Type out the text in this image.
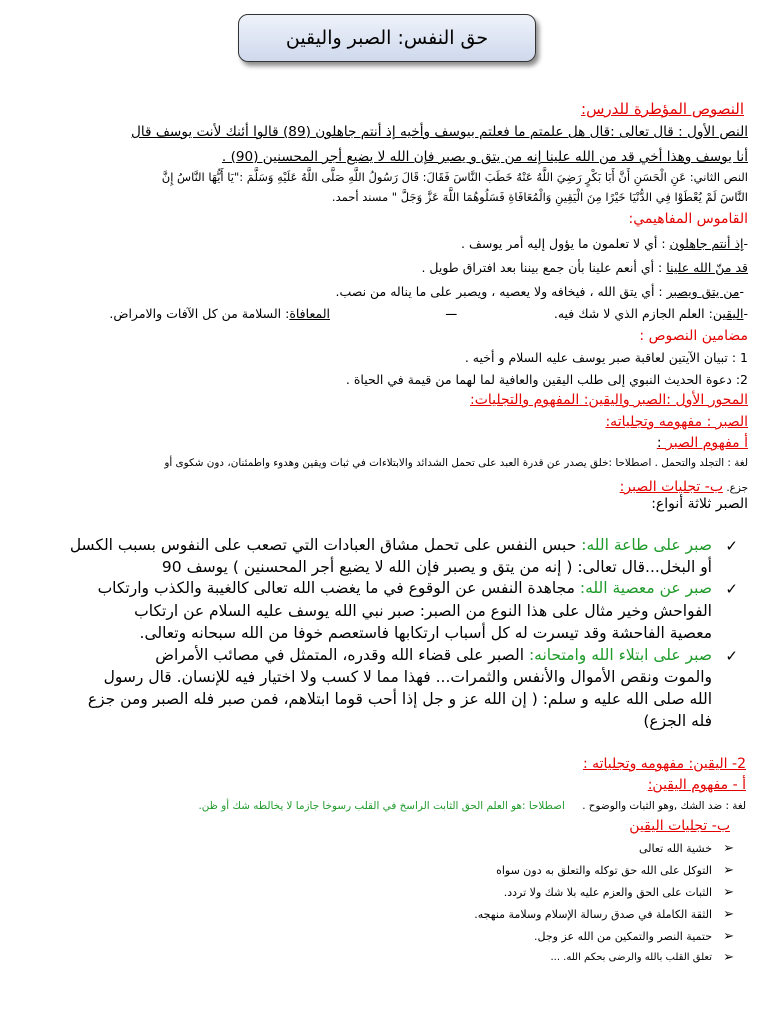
حق النفس: الصبر واليقين
النصوص المؤطرة للدرس:
النص الأول : قال تعالى :قال هل علمتم ما فعلتم بيوسف وأخيه إذ أنتم جاهلون (89) قالوا أئنك لأنت يوسف قال
أنا يوسف وهذا أخي قد من الله علينا إنه من يتق و يصبر فإن الله لا يضيع أجر المحسنين (90) .
النص الثاني: عَنِ الْحَسَنِ أَنَّ أَبَا بَكْرٍ رَضِيَ اللَّهُ عَنْهُ خَطَبَ النَّاسَ فَقَالَ: قَالَ رَسُولُ اللَّهِ صَلَّى اللَّهُ عَلَيْهِ وَسَلَّمَ :"يَا أَيُّهَا النَّاسُ إِنَّ
النَّاسَ لَمْ يُعْطَوْا فِي الدُّنْيَا خَيْرًا مِنَ الْيَقِينِ وَالْمُعَافَاةِ فَسَلُوهُمَا اللَّهَ عَزَّ وَجَلَّ " مسند أحمد.
القاموس المفاهيمي:
-إذ أنتم جاهلون : أي لا تعلمون ما يؤول إليه أمر يوسف .
قد منّ الله علينا : أي أنعم علينا بأن جمع بيننا بعد افتراق طويل .
-من يتق ويصبر : أي يتق الله ، فيخافه ولا يعصيه ، ويصبر على ما يناله من نصب.
-اليقين: العلم الجازم الذي لا شك فيه.
المعافاة: السلامة من كل الآفات والامراض.	ـــ
مضامين النصوص :
1 : تبيان الآيتين لعاقبة صبر يوسف عليه السلام و أخيه .
2: دعوة الحديث النبوي إلى طلب اليقين والعافية لما لهما من قيمة في الحياة .
المحور الأول :الصبر واليقين: المفهوم والتجليات:
الصبر : مفهومه وتجلياته:
أ مفهوم الصبر :
لغة : التجلد والتحمل . اصطلاحا :خلق يصدر عن قدرة العبد على تحمل الشدائد والابتلاءات في ثبات ويقين وهدوء واطمئنان، دون شكوى أو
جزع. ب- تجليات الصبر:
الصبر ثلاثة أنواع:
✓
صبر على طاعة الله: حبس النفس على تحمل مشاق العبادات التي تصعب على النفوس بسبب الكسل
أو البخل...قال تعالى: ( إنه من يتق و يصبر فإن الله لا يضيع أجر المحسنين ) يوسف 90
✓
صبر عن معصية الله: مجاهدة النفس عن الوقوع في ما يغضب الله تعالى كالغيبة والكذب وارتكاب
الفواحش وخير مثال على هذا النوع من الصبر: صبر نبي الله يوسف عليه السلام عن ارتكاب
معصية الفاحشة وقد تيسرت له كل أسباب ارتكابها فاستعصم خوفا من الله سبحانه وتعالى.
✓
صبر على ابتلاء الله وامتحانه: الصبر على قضاء الله وقدره، المتمثل في مصائب الأمراض
والموت ونقص الأموال والأنفس والثمرات... فهذا مما لا كسب ولا اختيار فيه للإنسان. قال رسول
الله صلى الله عليه و سلم: ( إن الله عز و جل إذا أحب قوما ابتلاهم، فمن صبر فله الصبر ومن جزع
فله الجزع)
2- اليقين: مفهومه وتجلياته :
أ - مفهوم اليقين:
لغة : ضد الشك ,وهو الثبات والوضوح . اصطلاحا :هو العلم الحق الثابت الراسخ في القلب رسوخا جازما لا يخالطه شك أو ظن.
ب- تجليات اليقين
➢
خشية الله تعالى
➢
التوكل على الله حق توكله والتعلق به دون سواه
➢
الثبات على الحق والعزم عليه بلا شك ولا تردد.
➢
الثقة الكاملة في صدق رسالة الإسلام وسلامة منهجه.
➢
حتمية النصر والتمكين من الله عز وجل.
➢
تعلق القلب بالله والرضى بحكم الله. ...
